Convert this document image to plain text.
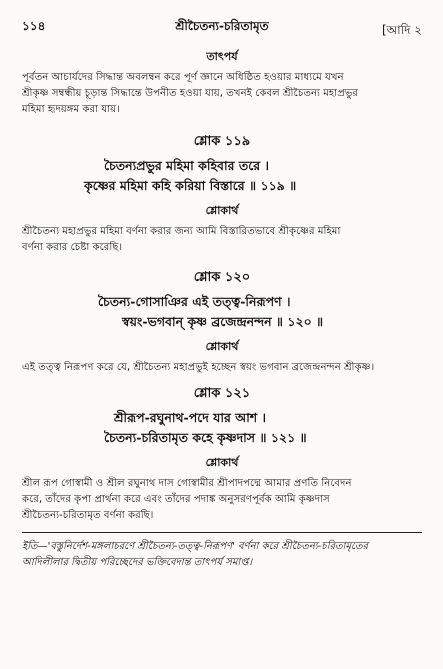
১১৪	শ্রীচৈতন্য-চরিতামৃত	[আদি ২

তাৎপর্য

পূর্বতন আচার্যদের সিদ্ধান্ত অবলম্বন করে পূর্ণ জ্ঞানে অধিষ্ঠিত হওয়ার মাধ্যমে যখন

শ্রীকৃষ্ণ সম্বন্ধীয় চূড়ান্ত সিদ্ধান্তে উপনীত হওয়া যায়, তখনই কেবল শ্রীচৈতন্য মহাপ্রভুর

মহিমা হৃদয়ঙ্গম করা যায়।

শ্লোক ১১৯

চৈতন্যপ্রভুর মহিমা কহিবার তরে ।

কৃষ্ণের মহিমা কহি করিয়া বিস্তারে ॥ ১১৯ ॥

শ্লোকার্থ

শ্রীচৈতন্য মহাপ্রভুর মহিমা বর্ণনা করার জন্য আমি বিস্তারিতভাবে শ্রীকৃষ্ণের মহিমা

বর্ণনা করার চেষ্টা করেছি।

শ্লোক ১২০

চৈতন্য-গোসাঞির এই তত্ত্ব-নিরূপণ ।

স্বয়ং-ভগবান্ কৃষ্ণ ব্রজেন্দ্রনন্দন ॥ ১২০ ॥

শ্লোকার্থ

এই তত্ত্ব নিরূপণ করে যে, শ্রীচৈতন্য মহাপ্রভুই হচ্ছেন স্বয়ং ভগবান ব্রজেন্দ্রনন্দন শ্রীকৃষ্ণ।

শ্লোক ১২১

শ্রীরূপ-রঘুনাথ-পদে যার আশ ।

চৈতন্য-চরিতামৃত কহে কৃষ্ণদাস ॥ ১২১ ॥

শ্লোকার্থ

শ্রীল রূপ গোস্বামী ও শ্রীল রঘুনাথ দাস গোস্বামীর শ্রীপাদপদ্মে আমার প্রণতি নিবেদন

করে, তাঁদের কৃপা প্রার্থনা করে এবং তাঁদের পদাঙ্ক অনুসরণপূর্বক আমি কৃষ্ণদাস

শ্রীচৈতন্য-চরিতামৃত বর্ণনা করছি।

ইতি—'বস্তুনির্দেশ-মঙ্গলাচরণে শ্রীচৈতন্য-তত্ত্ব-নিরূপণ' বর্ণনা করে শ্রীচৈতন্য-চরিতামৃতের

আদিলীলার দ্বিতীয় পরিচ্ছেদের ভক্তিবেদান্ত তাৎপর্য সমাপ্ত।
